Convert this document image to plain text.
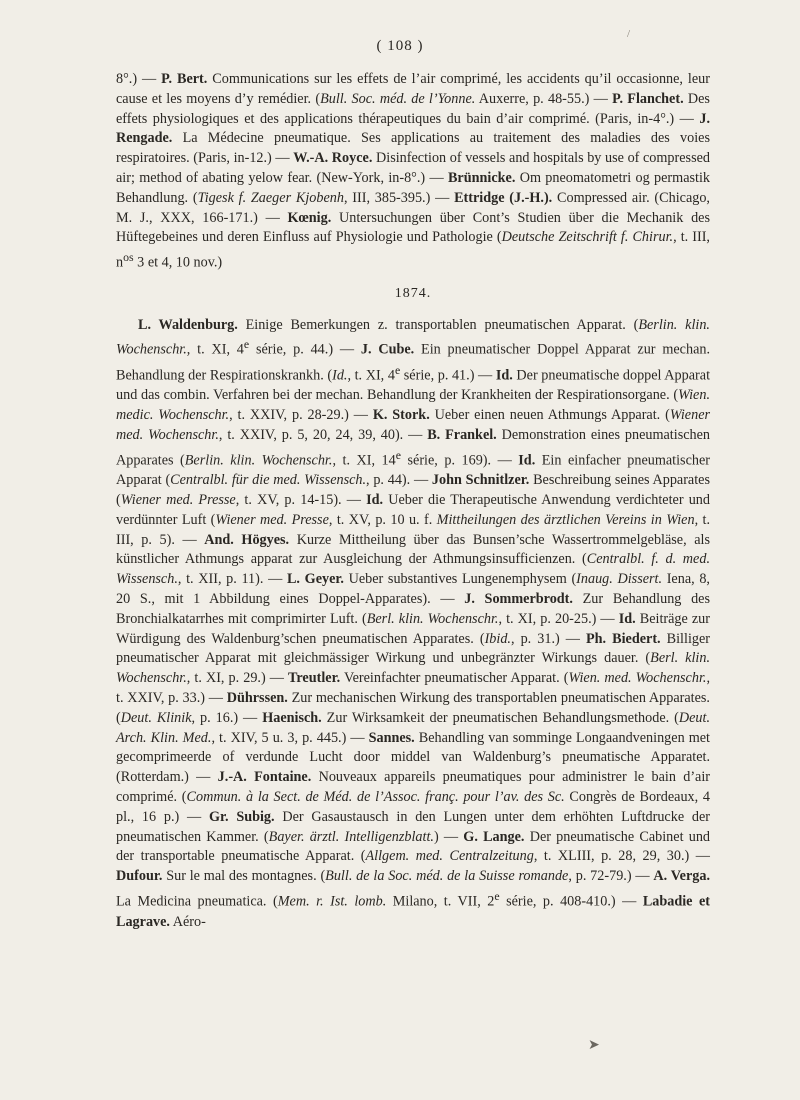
/
( 108 )

8°.) — P. Bert. Communications sur les effets de l’air comprimé, les accidents qu’il occasionne, leur cause et les moyens d’y remédier. (Bull. Soc. méd. de l’Yonne. Auxerre, p. 48-55.) — P. Flanchet. Des effets physiologiques et des applications thérapeutiques du bain d’air comprimé. (Paris, in-4°.) — J. Rengade. La Médecine pneumatique. Ses applications au traitement des maladies des voies respiratoires. (Paris, in-12.) — W.-A. Royce. Disinfection of vessels and hospitals by use of compressed air; method of abating yelow fear. (New-York, in-8°.) — Brünnicke. Om pneomatometri og permastik Behandlung. (Tigesk f. Zaeger Kjobenh, III, 385-395.) — Ettridge (J.-H.). Compressed air. (Chicago, M. J., XXX, 166-171.) — Kœnig. Untersuchungen über Cont’s Studien über die Mechanik des Hüftegebeines und deren Einfluss auf Physiologie und Pathologie (Deutsche Zeitschrift f. Chirur., t. III, $n^{os}$ 3 et 4, 10 nov.)

1874.

L. Waldenburg. Einige Bemerkungen z. transportablen pneumatischen Apparat. (Berlin. klin. Wochenschr., t. XI, 4e série, p. 44.) — J. Cube. Ein pneumatischer Doppel Apparat zur mechan. Behandlung der Respirationskrankh. (Id., t. XI, 4e série, p. 41.) — Id. Der pneumatische doppel Apparat und das combin. Verfahren bei der mechan. Behandlung der Krankheiten der Respirationsorgane. (Wien. medic. Wochenschr., t. XXIV, p. 28-29.) — K. Stork. Ueber einen neuen Athmungs Apparat. (Wiener med. Wochenschr., t. XXIV, p. 5, 20, 24, 39, 40). — B. Frankel. Demonstration eines pneumatischen Apparates (Berlin. klin. Wochenschr., t. XI, 14e série, p. 169). — Id. Ein einfacher pneumatischer Apparat (Centralbl. für die med. Wissensch., p. 44). — John Schnitlzer. Beschreibung seines Apparates (Wiener med. Presse, t. XV, p. 14-15). — Id. Ueber die Therapeutische Anwendung verdichteter und verdünnter Luft (Wiener med. Presse, t. XV, p. 10 u. f. Mittheilungen des ärztlichen Vereins in Wien, t. III, p. 5). — And. Högyes. Kurze Mittheilung über das Bunsen’sche Wassertrommelgebläse, als künstlicher Athmungs apparat zur Ausgleichung der Athmungsinsufficienzen. (Centralbl. f. d. med. Wissensch., t. XII, p. 11). — L. Geyer. Ueber substantives Lungenemphysem (Inaug. Dissert. Iena, 8, 20 S., mit 1 Abbildung eines Doppel-Apparates). — J. Sommerbrodt. Zur Behandlung des Bronchialkatarrhes mit comprimirter Luft. (Berl. klin. Wochenschr., t. XI, p. 20-25.) — Id. Beiträge zur Würdigung des Waldenburg’schen pneumatischen Apparates. (Ibid., p. 31.) — Ph. Biedert. Billiger pneumatischer Apparat mit gleichmässiger Wirkung und unbegränzter Wirkungs dauer. (Berl. klin. Wochenschr., t. XI, p. 29.) — Treutler. Vereinfachter pneumatischer Apparat. (Wien. med. Wochenschr., t. XXIV, p. 33.) — Dührssen. Zur mechanischen Wirkung des transportablen pneumatischen Apparates. (Deut. Klinik, p. 16.) — Haenisch. Zur Wirksamkeit der pneumatischen Behandlungsmethode. (Deut. Arch. Klin. Med., t. XIV, 5 u. 3, p. 445.) — Sannes. Behandling van somminge Longaandveningen met gecomprimeerde of verdunde Lucht door middel van Waldenburg’s pneumatische Apparatet. (Rotterdam.) — J.-A. Fontaine. Nouveaux appareils pneumatiques pour administrer le bain d’air comprimé. (Commun. à la Sect. de Méd. de l’Assoc. franç. pour l’av. des Sc. Congrès de Bordeaux, 4 pl., 16 p.) — Gr. Subig. Der Gasaustausch in den Lungen unter dem erhöhten Luftdrucke der pneumatischen Kammer. (Bayer. ärztl. Intelligenzblatt.) — G. Lange. Der pneumatische Cabinet und der transportable pneumatische Apparat. (Allgem. med. Centralzeitung, t. XLIII, p. 28, 29, 30.) — Dufour. Sur le mal des montagnes. (Bull. de la Soc. méd. de la Suisse romande, p. 72-79.) — A. Verga. La Medicina pneumatica. (Mem. r. Ist. lomb. Milano, t. VII, 2e série, p. 408-410.) — Labadie et Lagrave. Aéro-

➤
